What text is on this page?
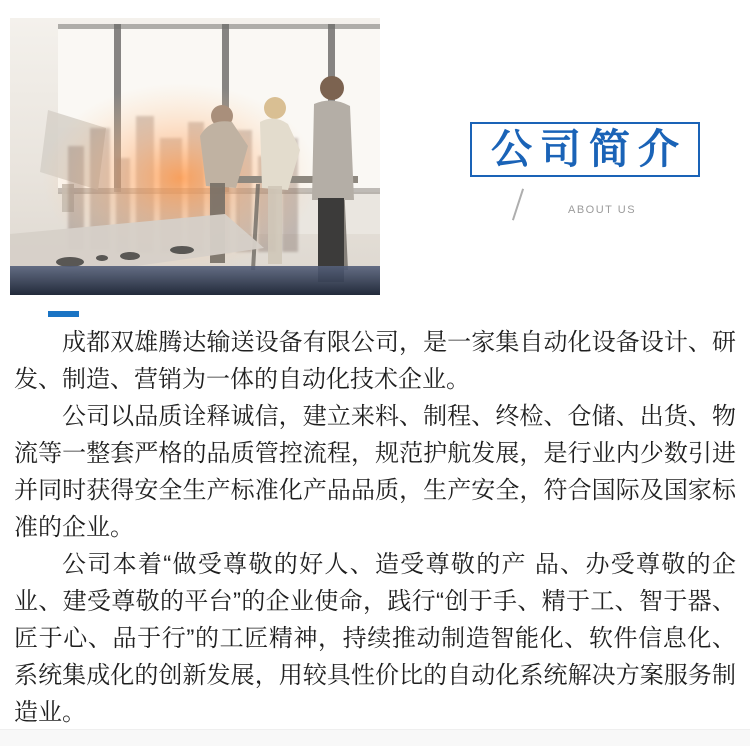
公司简介
ABOUT US

成都双雄腾达输送设备有限公司，是一家集自动化设备设计、研发、制造、营销为一体的自动化技术企业。

公司以品质诠释诚信，建立来料、制程、终检、仓储、出货、物流等一整套严格的品质管控流程，规范护航发展，是行业内少数引进并同时获得安全生产标准化产品品质，生产安全，符合国际及国家标准的企业。

公司本着“做受尊敬的好人、造受尊敬的产 品、办受尊敬的企业、建受尊敬的平台”的企业使命，践行“创于手、精于工、智于器、匠于心、品于行”的工匠精神，持续推动制造智能化、软件信息化、系统集成化的创新发展，用较具性价比的自动化系统解决方案服务制造业。
